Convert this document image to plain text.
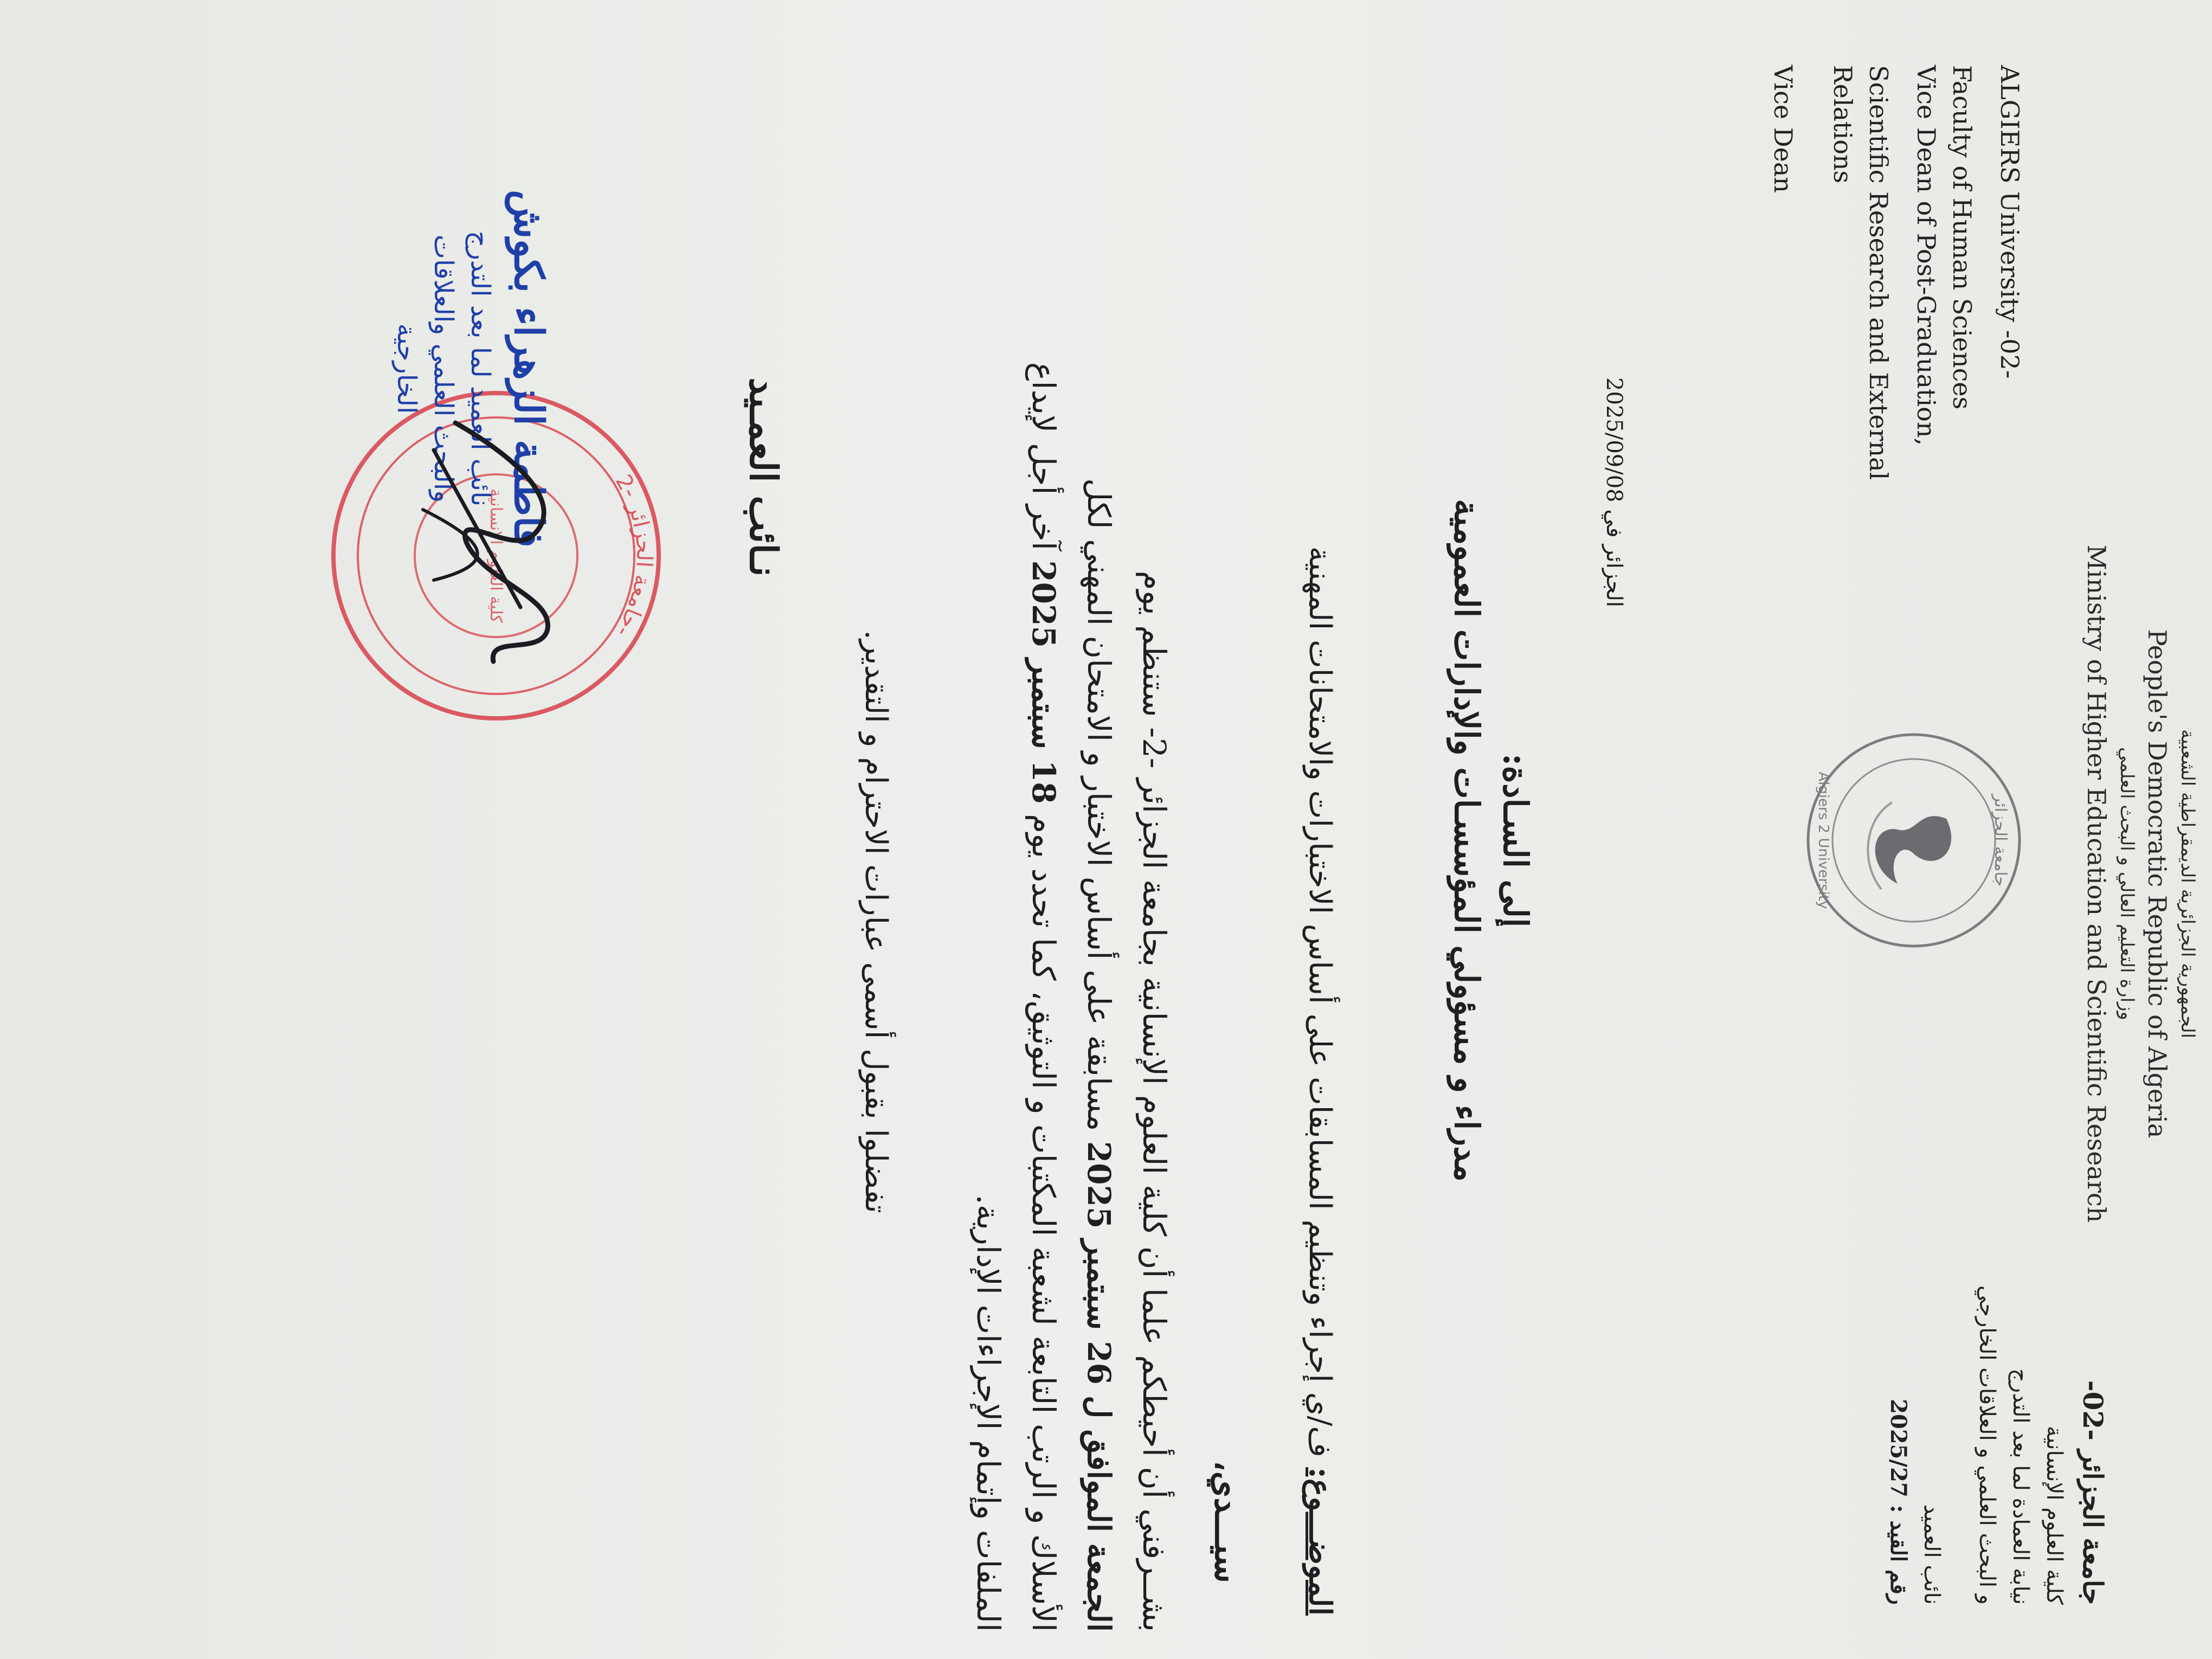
الجمهورية الجزائرية الديمقراطية الشعبية
People's Democratic Republic of Algeria
وزارة التعليم العالي و البحث العلمي
Ministry of Higher Education and Scientific Research
جامعة الجزائر -02-
كلية العلوم الإنسانية
نيابة العمادة لما بعد التدرج
و البحث العلمي و العلاقات الخارجي
نائب العميد
رقم القيد : 2025/27
ALGIERS University -02-
Faculty of Human Sciences
Vice Dean of Post-Graduation,
Scientific Research and External
Relations
Vice Dean
جامعة الجزائر
Algiers 2 University
الجزائر في 2025/09/08
إلى السـادة:
مدراء و مسؤولي المؤسسـات والإدارات العمومية
الموضـــوع: ف/ي إجراء وتنظيم المسابقات على أساس الاختبارات والامتحانات المهنية
سيـــدي،
بشــرفني أن أحيطكم علما أن كلية العلوم الإنسانية بجامعة الجزائر -2- ستنظم يوم
الجمعة الموافق ل 26 سبتمبر 2025 مسابقة على أساس الاختبار و الامتحان المهني لكل
الأسلاك و الرتب التابعة لشعبة المكتبات و التوثيق، كما تحدد يوم 18 سبتمبر 2025 آخر أجل لإيداع
الملفات وإتمام الإجراءات الإدارية.
تفضلوا بقبول أسمى عبارات الاحترام و التقدير.
نـائب العمـيد
جامعة الجزائر -2-
كلية العلوم الإنسانية
فاطمة الزهراء بكوش
نائب العميد لما بعد التدرج
والبحث العلمي والعلاقات
الخارجية
